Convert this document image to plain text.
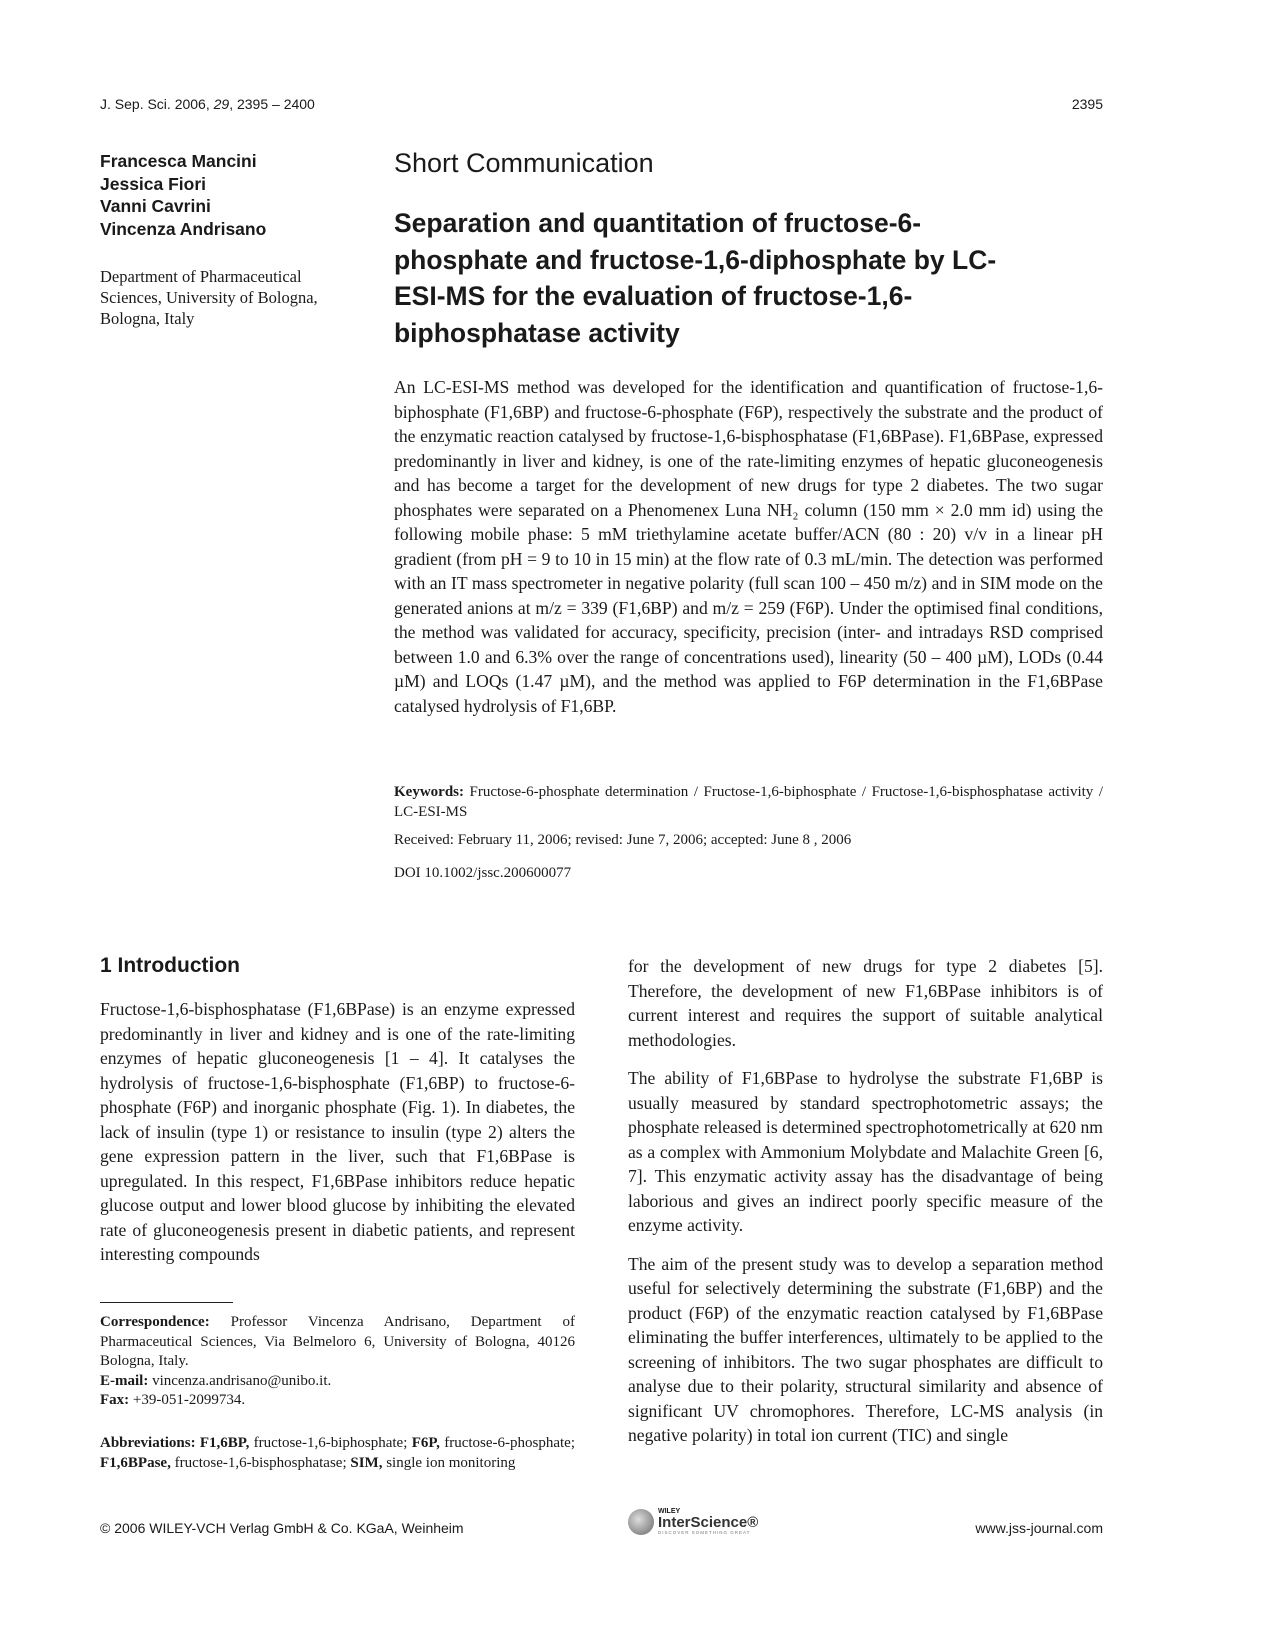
J. Sep. Sci. 2006, 29, 2395 – 2400	2395
Francesca Mancini
Jessica Fiori
Vanni Cavrini
Vincenza Andrisano
Department of Pharmaceutical Sciences, University of Bologna, Bologna, Italy
Short Communication
Separation and quantitation of fructose-6-phosphate and fructose-1,6-diphosphate by LC-ESI-MS for the evaluation of fructose-1,6-biphosphatase activity

An LC-ESI-MS method was developed for the identification and quantification of fructose-1,6-biphosphate (F1,6BP) and fructose-6-phosphate (F6P), respectively the substrate and the product of the enzymatic reaction catalysed by fructose-1,6-bisphosphatase (F1,6BPase). F1,6BPase, expressed predominantly in liver and kidney, is one of the rate-limiting enzymes of hepatic gluconeogenesis and has become a target for the development of new drugs for type 2 diabetes. The two sugar phosphates were separated on a Phenomenex Luna NH₂ column (150 mm × 2.0 mm id) using the following mobile phase: 5 mM triethylamine acetate buffer/ACN (80 : 20) v/v in a linear pH gradient (from pH = 9 to 10 in 15 min) at the flow rate of 0.3 mL/min. The detection was performed with an IT mass spectrometer in negative polarity (full scan 100 – 450 m/z) and in SIM mode on the generated anions at m/z = 339 (F1,6BP) and m/z = 259 (F6P). Under the optimised final conditions, the method was validated for accuracy, specificity, precision (inter- and intradays RSD comprised between 1.0 and 6.3% over the range of concentrations used), linearity (50 – 400 µM), LODs (0.44 µM) and LOQs (1.47 µM), and the method was applied to F6P determination in the F1,6BPase catalysed hydrolysis of F1,6BP.

Keywords: Fructose-6-phosphate determination / Fructose-1,6-biphosphate / Fructose-1,6-bisphosphatase activity / LC-ESI-MS
Received: February 11, 2006; revised: June 7, 2006; accepted: June 8 , 2006
DOI 10.1002/jssc.200600077
1 Introduction

Fructose-1,6-bisphosphatase (F1,6BPase) is an enzyme expressed predominantly in liver and kidney and is one of the rate-limiting enzymes of hepatic gluconeogenesis [1 – 4]. It catalyses the hydrolysis of fructose-1,6-bisphosphate (F1,6BP) to fructose-6-phosphate (F6P) and inorganic phosphate (Fig. 1). In diabetes, the lack of insulin (type 1) or resistance to insulin (type 2) alters the gene expression pattern in the liver, such that F1,6BPase is upregulated. In this respect, F1,6BPase inhibitors reduce hepatic glucose output and lower blood glucose by inhibiting the elevated rate of gluconeogenesis present in diabetic patients, and represent interesting compounds

for the development of new drugs for type 2 diabetes [5]. Therefore, the development of new F1,6BPase inhibitors is of current interest and requires the support of suitable analytical methodologies.

The ability of F1,6BPase to hydrolyse the substrate F1,6BP is usually measured by standard spectrophotometric assays; the phosphate released is determined spectrophotometrically at 620 nm as a complex with Ammonium Molybdate and Malachite Green [6, 7]. This enzymatic activity assay has the disadvantage of being laborious and gives an indirect poorly specific measure of the enzyme activity.

The aim of the present study was to develop a separation method useful for selectively determining the substrate (F1,6BP) and the product (F6P) of the enzymatic reaction catalysed by F1,6BPase eliminating the buffer interferences, ultimately to be applied to the screening of inhibitors. The two sugar phosphates are difficult to analyse due to their polarity, structural similarity and absence of significant UV chromophores. Therefore, LC-MS analysis (in negative polarity) in total ion current (TIC) and single

Correspondence: Professor Vincenza Andrisano, Department of Pharmaceutical Sciences, Via Belmeloro 6, University of Bologna, 40126 Bologna, Italy.

E-mail: vincenza.andrisano@unibo.it.

Fax: +39-051-2099734.

Abbreviations: F1,6BP, fructose-1,6-biphosphate; F6P, fructose-6-phosphate; F1,6BPase, fructose-1,6-bisphosphatase; SIM, single ion monitoring
© 2006 WILEY-VCH Verlag GmbH & Co. KGaA, Weinheim
WILEY
InterScience®
DISCOVER SOMETHING GREAT	www.jss-journal.com
